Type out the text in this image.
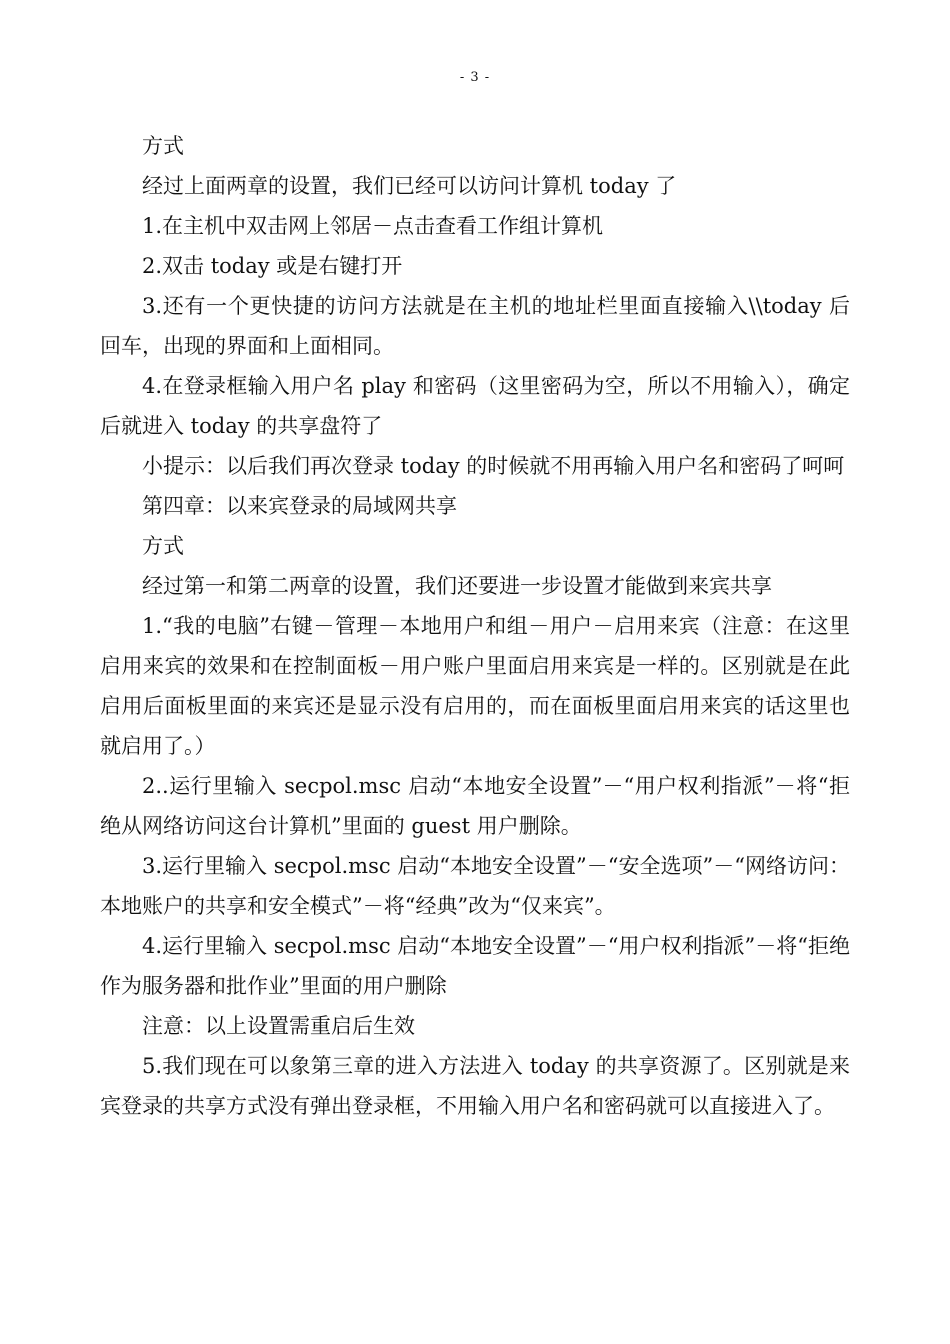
- 3 -

方式

经过上面两章的设置，我们已经可以访问计算机 today 了

1.在主机中双击网上邻居－点击查看工作组计算机

2.双击 today 或是右键打开

3.还有一个更快捷的访问方法就是在主机的地址栏里面直接输入\\today 后回车，出现的界面和上面相同。

4.在登录框输入用户名 play 和密码（这里密码为空，所以不用输入），确定后就进入 today 的共享盘符了

小提示：以后我们再次登录 today 的时候就不用再输入用户名和密码了呵呵

第四章：以来宾登录的局域网共享

方式

经过第一和第二两章的设置，我们还要进一步设置才能做到来宾共享

1.“我的电脑”右键－管理－本地用户和组－用户－启用来宾（注意：在这里启用来宾的效果和在控制面板－用户账户里面启用来宾是一样的。区别就是在此启用后面板里面的来宾还是显示没有启用的，而在面板里面启用来宾的话这里也就启用了。）

2..运行里输入 secpol.msc 启动“本地安全设置”－“用户权利指派”－将“拒绝从网络访问这台计算机”里面的 guest 用户删除。

3.运行里输入 secpol.msc 启动“本地安全设置”－“安全选项”－“网络访问：本地账户的共享和安全模式”－将“经典”改为“仅来宾”。

4.运行里输入 secpol.msc 启动“本地安全设置”－“用户权利指派”－将“拒绝作为服务器和批作业”里面的用户删除

注意：以上设置需重启后生效

5.我们现在可以象第三章的进入方法进入 today 的共享资源了。区别就是来宾登录的共享方式没有弹出登录框，不用输入用户名和密码就可以直接进入了。
